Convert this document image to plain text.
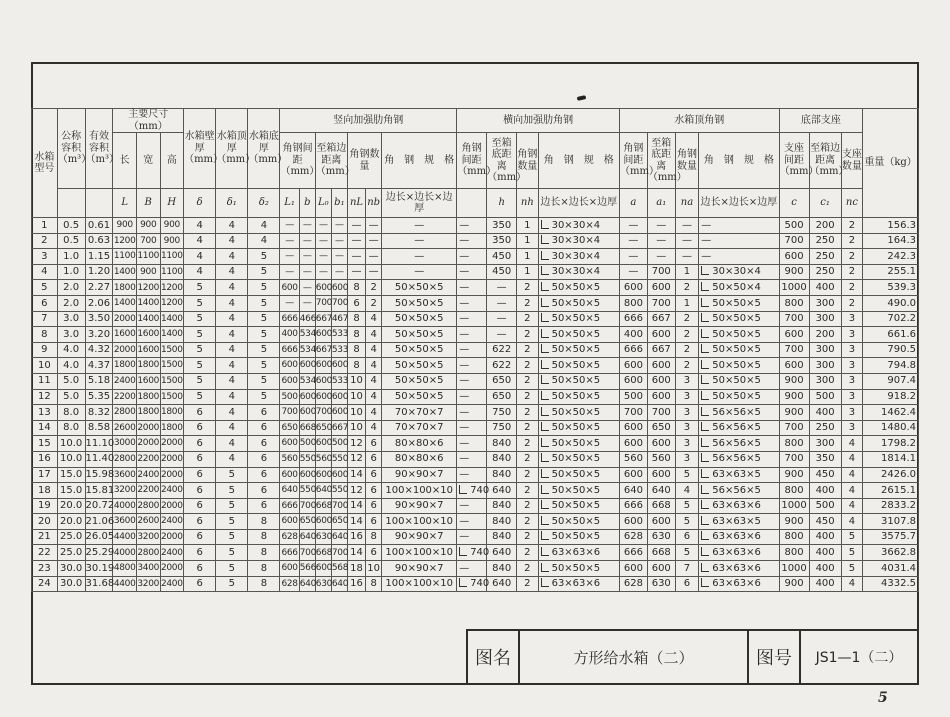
水箱型号	公称容积（m³）	有效容积（m³）	主要尺寸（mm）			水箱壁厚（mm）	水箱顶厚（mm）	水箱底厚（mm）	竖向加强肋角钢							横向加强肋角钢				水箱顶角钢				底部支座			重量（kg）
			长	宽	高				角钢间距（mm）		至箱边距离（mm）		角钢数量		角　钢　规　格	角钢间距（mm）	至箱底距离（mm）	角钢数量	角　钢　规　格	角钢间距（mm）	至箱底距离（mm）	角钢数量	角　钢　规　格	支座间距（mm）	至箱边距离（mm）	支座数量	
			L	B	H	δ	δ₁	δ₂	L₁	b	L₀	b₁	nL	nb	边长×边长×边厚		h	nh	边长×边长×边厚	a	a₁	na	边长×边长×边厚	c	c₁	nc	
1	0.5	0.61	900	900	900	4	4	4	—	—	—	—	—	—	—	—	350	1	30×30×4	—	—	—	—	500	200	2	156.3
2	0.5	0.63	1200	700	900	4	4	4	—	—	—	—	—	—	—	—	350	1	30×30×4	—	—	—	—	700	250	2	164.3
3	1.0	1.15	1100	1100	1100	4	4	5	—	—	—	—	—	—	—	—	450	1	30×30×4	—	—	—	—	600	250	2	242.3
4	1.0	1.20	1400	900	1100	4	4	5	—	—	—	—	—	—	—	—	450	1	30×30×4	—	700	1	30×30×4	900	250	2	255.1
5	2.0	2.27	1800	1200	1200	5	4	5	600	—	600	600	8	2	50×50×5	—	—	2	50×50×5	600	600	2	50×50×4	1000	400	2	539.3
6	2.0	2.06	1400	1400	1200	5	4	5	—	—	700	700	6	2	50×50×5	—	—	2	50×50×5	800	700	1	50×50×5	800	300	2	490.0
7	3.0	3.50	2000	1400	1400	5	4	5	666	466	667	467	8	4	50×50×5	—	—	2	50×50×5	666	667	2	50×50×5	700	300	3	702.2
8	3.0	3.20	1600	1600	1400	5	4	5	400	534	600	533	8	4	50×50×5	—	—	2	50×50×5	400	600	2	50×50×5	600	200	3	661.6
9	4.0	4.32	2000	1600	1500	5	4	5	666	534	667	533	8	4	50×50×5	—	622	2	50×50×5	666	667	2	50×50×5	700	300	3	790.5
10	4.0	4.37	1800	1800	1500	5	4	5	600	600	600	600	8	4	50×50×5	—	622	2	50×50×5	600	600	2	50×50×5	600	300	3	794.8
11	5.0	5.18	2400	1600	1500	5	4	5	600	534	600	533	10	4	50×50×5	—	650	2	50×50×5	600	600	3	50×50×5	900	300	3	907.4
12	5.0	5.35	2200	1800	1500	5	4	5	500	600	600	600	10	4	50×50×5	—	650	2	50×50×5	500	600	3	50×50×5	900	500	3	918.2
13	8.0	8.32	2800	1800	1800	6	4	6	700	600	700	600	10	4	70×70×7	—	750	2	50×50×5	700	700	3	56×56×5	900	400	3	1462.4
14	8.0	8.58	2600	2000	1800	6	4	6	650	668	650	667	10	4	70×70×7	—	750	2	50×50×5	600	650	3	56×56×5	700	250	3	1480.4
15	10.0	11.10	3000	2000	2000	6	4	6	600	500	600	500	12	6	80×80×6	—	840	2	50×50×5	600	600	3	56×56×5	800	300	4	1798.2
16	10.0	11.40	2800	2200	2000	6	4	6	560	550	560	550	12	6	80×80×6	—	840	2	50×50×5	560	560	3	56×56×5	700	350	4	1814.1
17	15.0	15.98	3600	2400	2000	6	5	6	600	600	600	600	14	6	90×90×7	—	840	2	50×50×5	600	600	5	63×63×5	900	450	4	2426.0
18	15.0	15.81	3200	2200	2400	6	5	6	640	550	640	550	12	6	100×100×10	740	640	2	50×50×5	640	640	4	56×56×5	800	400	4	2615.1
19	20.0	20.72	4000	2800	2000	6	5	6	666	700	668	700	14	6	90×90×7	—	840	2	50×50×5	666	668	5	63×63×6	1000	500	4	2833.2
20	20.0	21.06	3600	2600	2400	6	5	8	600	650	600	650	14	6	100×100×10	—	840	2	50×50×5	600	600	5	63×63×5	900	450	4	3107.8
21	25.0	26.05	4400	3200	2000	6	5	8	628	640	630	640	16	8	90×90×7	—	840	2	50×50×5	628	630	6	63×63×6	800	400	5	3575.7
22	25.0	25.29	4000	2800	2400	6	5	8	666	700	668	700	14	6	100×100×10	740	640	2	63×63×6	666	668	5	63×63×6	800	400	5	3662.8
23	30.0	30.19	4800	3400	2000	6	5	8	600	566	600	568	18	10	90×90×7	—	840	2	50×50×5	600	600	7	63×63×6	1000	400	5	4031.4
24	30.0	31.68	4400	3200	2400	6	5	8	628	640	630	640	16	8	100×100×10	740	640	2	63×63×6	628	630	6	63×63×6	900	400	4	4332.5
图名	方形给水箱（二）	图号	JS1—1（二）
5
